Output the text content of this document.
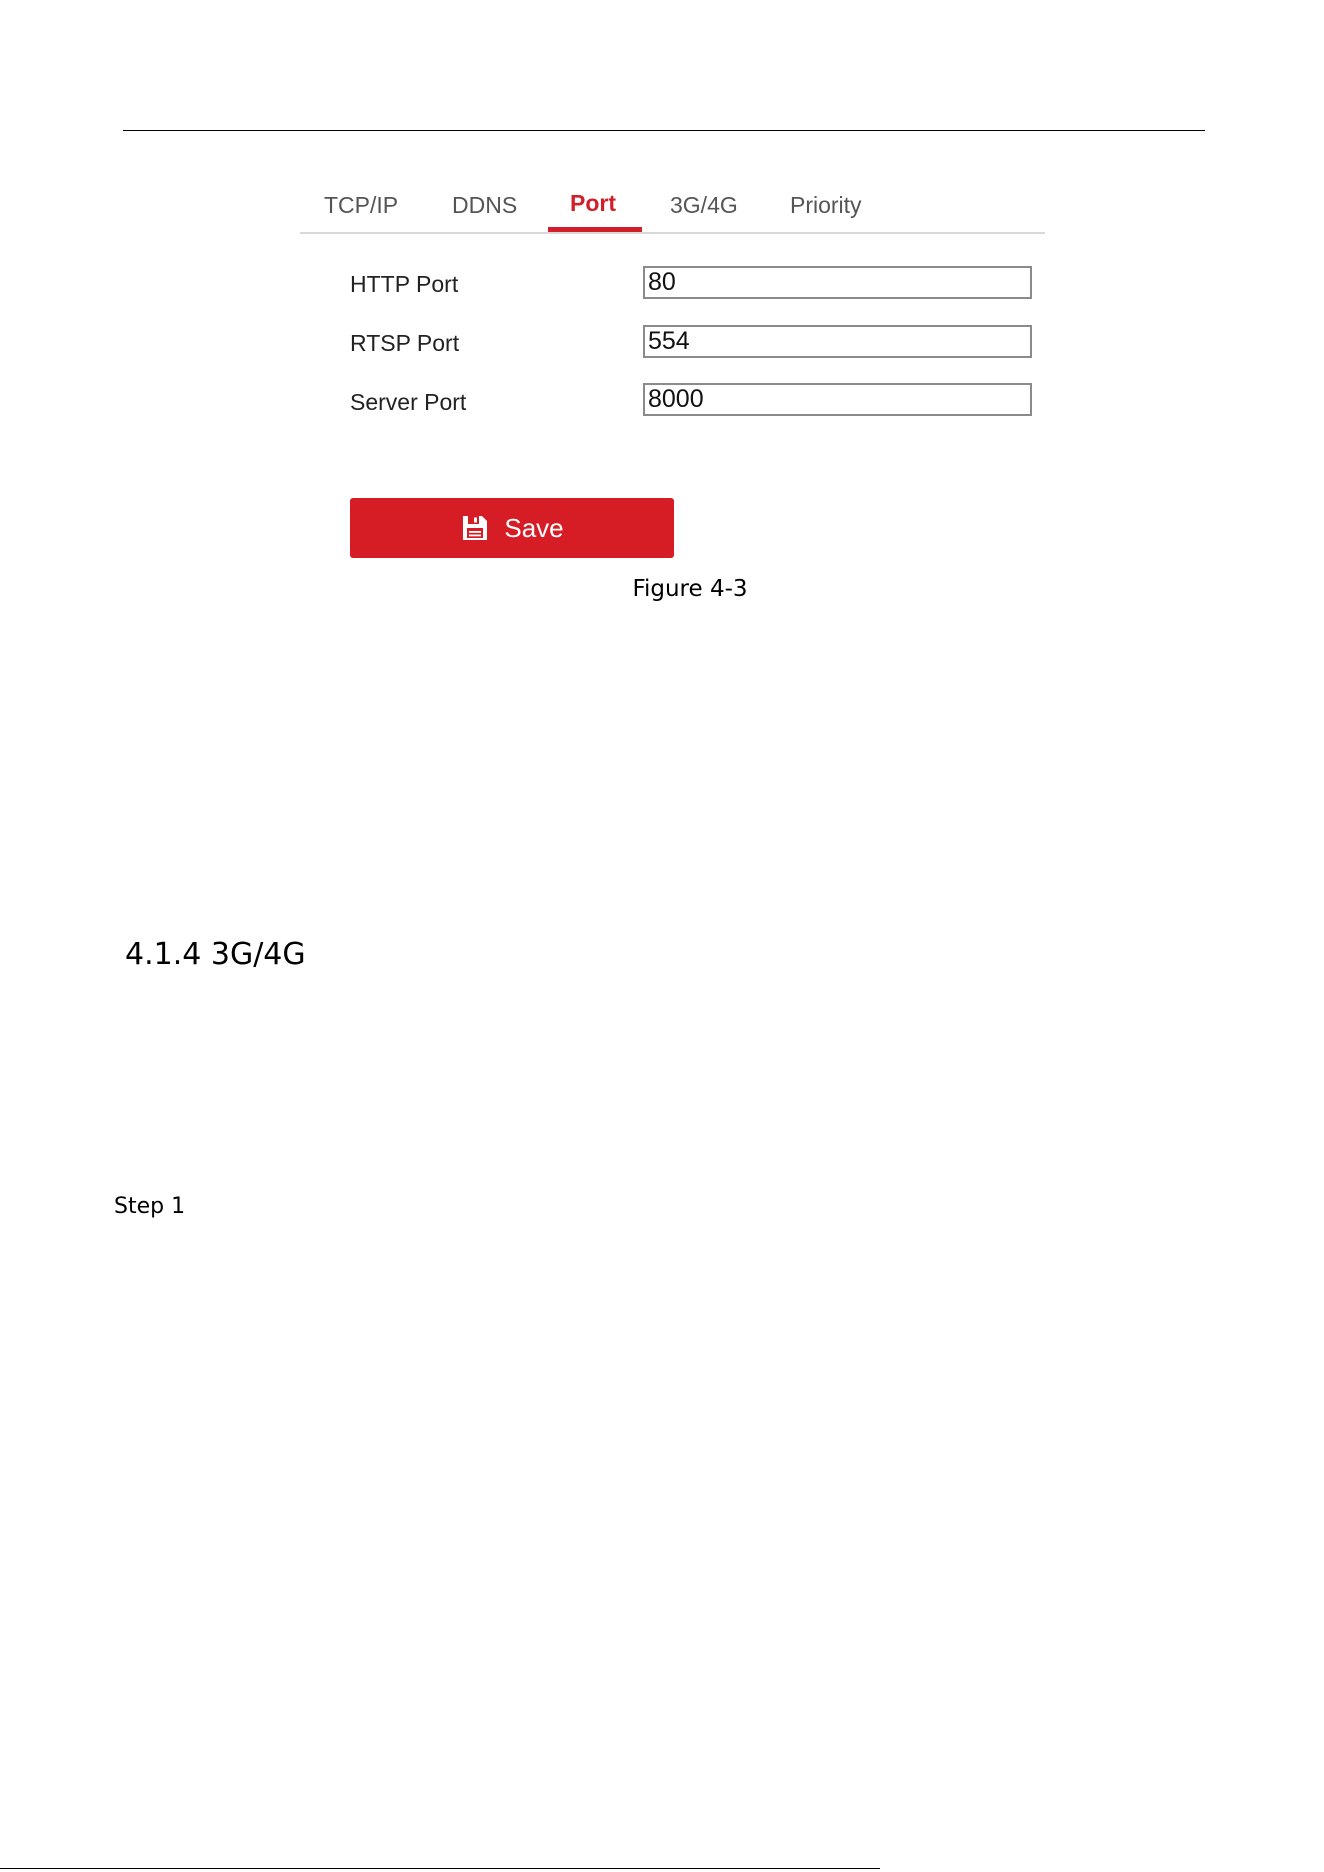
TCP/IP DDNS Port 3G/4G Priority
HTTP Port
80
RTSP Port
554
Server Port
8000
Save
Figure 4-3
4.1.4 3G/4G
Step 1
